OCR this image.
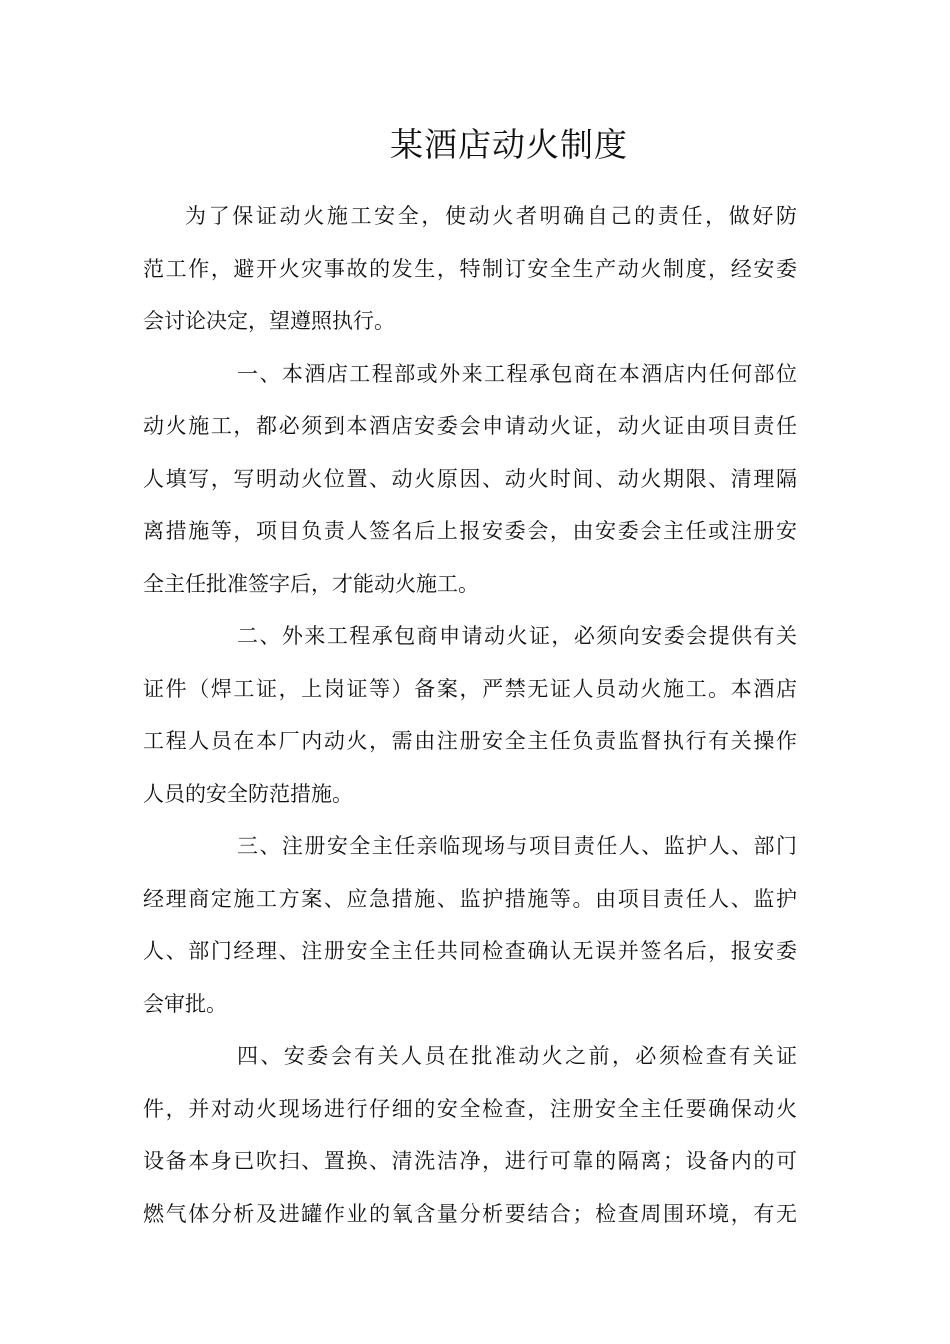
某酒店动火制度

为了保证动火施工安全，使动火者明确自己的责任，做好防
范工作，避开火灾事故的发生，特制订安全生产动火制度，经安委
会讨论决定，望遵照执行。

一、本酒店工程部或外来工程承包商在本酒店内任何部位
动火施工，都必须到本酒店安委会申请动火证，动火证由项目责任
人填写，写明动火位置、动火原因、动火时间、动火期限、清理隔
离措施等，项目负责人签名后上报安委会，由安委会主任或注册安
全主任批准签字后，才能动火施工。

二、外来工程承包商申请动火证，必须向安委会提供有关
证件（焊工证，上岗证等）备案，严禁无证人员动火施工。本酒店
工程人员在本厂内动火，需由注册安全主任负责监督执行有关操作
人员的安全防范措施。

三、注册安全主任亲临现场与项目责任人、监护人、部门
经理商定施工方案、应急措施、监护措施等。由项目责任人、监护
人、部门经理、注册安全主任共同检查确认无误并签名后，报安委
会审批。

四、安委会有关人员在批准动火之前，必须检查有关证
件，并对动火现场进行仔细的安全检查，注册安全主任要确保动火
设备本身已吹扫、置换、清洗洁净，进行可靠的隔离；设备内的可
燃气体分析及进罐作业的氧含量分析要结合；检查周围环境，有无
